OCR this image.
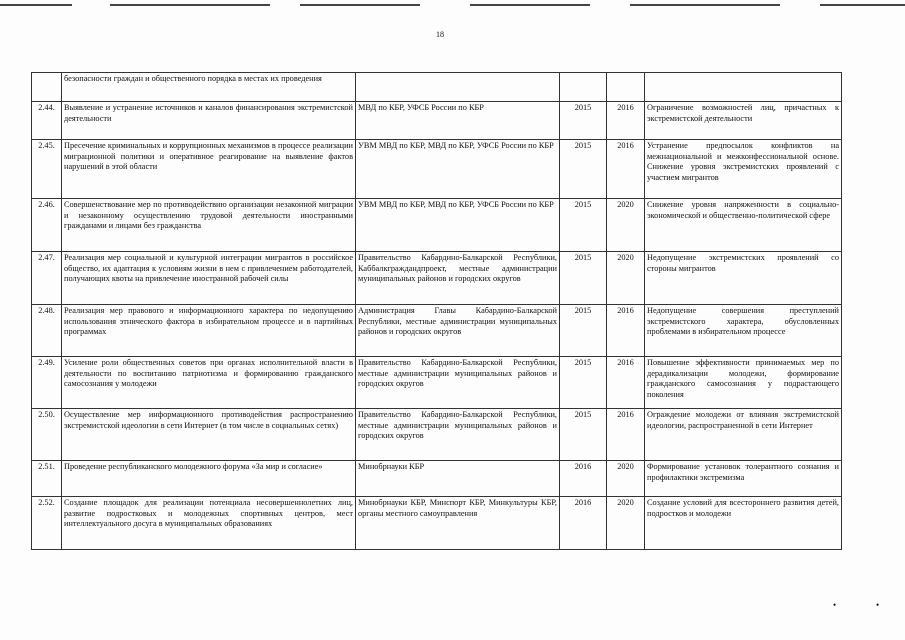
18
	безопасности граждан и общественного порядка в местах их проведения				
2.44.	Выявление и устранение источников и каналов финансирования экстремистской деятельности	МВД по КБР, УФСБ России по КБР	2015	2016	Ограничение возможностей лиц, причастных к экстремистской деятельности
2.45.	Пресечение криминальных и коррупционных механизмов в процессе реализации миграционной политики и оперативное реагирование на выявление фактов нарушений в этой области	УВМ МВД по КБР, МВД по КБР, УФСБ России по КБР	2015	2016	Устранение предпосылок конфликтов на межнациональной и межконфессиональной основе. Снижение уровня экстремистских проявлений с участием мигрантов
2.46.	Совершенствование мер по противодействию организации незаконной миграции и незаконному осуществлению трудовой деятельности иностранными гражданами и лицами без гражданства	УВМ МВД по КБР, МВД по КБР, УФСБ России по КБР	2015	2020	Снижение уровня напряженности в социально-экономической и общественно-политической сфере
2.47.	Реализация мер социальной и культурной интеграции мигрантов в российское общество, их адаптация к условиям жизни в нем с привлечением работодателей, получающих квоты на привлечение иностранной рабочей силы	Правительство Кабардино-Балкарской Республики, Каббалкграждандпроект, местные администрации муниципальных районов и городских округов	2015	2020	Недопущение экстремистских проявлений со стороны мигрантов
2.48.	Реализация мер правового и информационного характера по недопущению использования этнического фактора в избирательном процессе и в партийных программах	Администрация Главы Кабардино-Балкарской Республики, местные администрации муниципальных районов и городских округов	2015	2016	Недопущение совершения преступлений экстремистского характера, обусловленных проблемами в избирательном процессе
2.49.	Усиление роли общественных советов при органах исполнительной власти в деятельности по воспитанию патриотизма и формированию гражданского самосознания у молодежи	Правительство Кабардино-Балкарской Республики, местные администрации муниципальных районов и городских округов	2015	2016	Повышение эффективности принимаемых мер по дерадикализации молодежи, формирование гражданского самосознания у подрастающего поколения
2.50.	Осуществление мер информационного противодействия распространению экстремистской идеологии в сети Интернет (в том числе в социальных сетях)	Правительство Кабардино-Балкарской Республики, местные администрации муниципальных районов и городских округов	2015	2016	Ограждение молодежи от влияния экстремистской идеологии, распространенной в сети Интернет
2.51.	Проведение республиканского молодежного форума «За мир и согласие»	Минобрнауки КБР	2016	2020	Формирование установок толерантного сознания и профилактики экстремизма
2.52.	Создание площадок для реализации потенциала несовершеннолетних лиц, развитие подростковых и молодежных спортивных центров, мест интеллектуального досуга в муниципальных образованиях	Минобрнауки КБР, Минспорт КБР, Минкультуры КБР, органы местного самоуправления	2016	2020	Создание условий для всестороннего развития детей, подростков и молодежи
•	•
